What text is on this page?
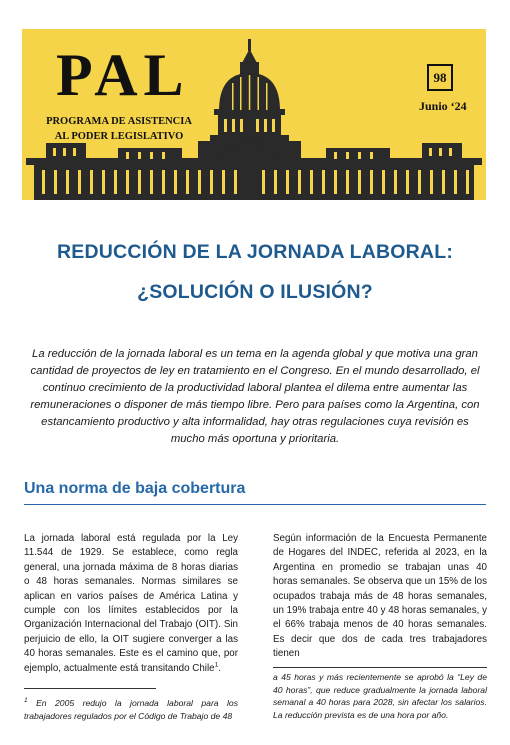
PAL
PROGRAMA DE ASISTENCIA AL PODER LEGISLATIVO
98
Junio ‘24
REDUCCIÓN DE LA JORNADA LABORAL:
¿SOLUCIÓN O ILUSIÓN?

La reducción de la jornada laboral es un tema en la agenda global y que motiva una gran cantidad de proyectos de ley en tratamiento en el Congreso. En el mundo desarrollado, el continuo crecimiento de la productividad laboral plantea el dilema entre aumentar las remuneraciones o disponer de más tiempo libre. Pero para países como la Argentina, con estancamiento productivo y alta informalidad, hay otras regulaciones cuya revisión es mucho más oportuna y prioritaria.

Una norma de baja cobertura

La jornada laboral está regulada por la Ley 11.544 de 1929. Se establece, como regla general, una jornada máxima de 8 horas diarias o 48 horas semanales. Normas similares se aplican en varios países de América Latina y cumple con los límites establecidos por la Organización Internacional del Trabajo (OIT). Sin perjuicio de ello, la OIT sugiere converger a las 40 horas semanales. Este es el camino que, por ejemplo, actualmente está transitando Chile$^1$.

Según información de la Encuesta Permanente de Hogares del INDEC, referida al 2023, en la Argentina en promedio se trabajan unas 40 horas semanales. Se observa que un 15% de los ocupados trabaja más de 48 horas semanales, un 19% trabaja entre 40 y 48 horas semanales, y el 66% trabaja menos de 40 horas semanales. Es decir que dos de cada tres trabajadores tienen

$^1$ En 2005 redujo la jornada laboral para los trabajadores regulados por el Código de Trabajo de 48

a 45 horas y más recientemente se aprobó la “Ley de 40 horas”, que reduce gradualmente la jornada laboral semanal a 40 horas para 2028, sin afectar los salarios. La reducción prevista es de una hora por año.
